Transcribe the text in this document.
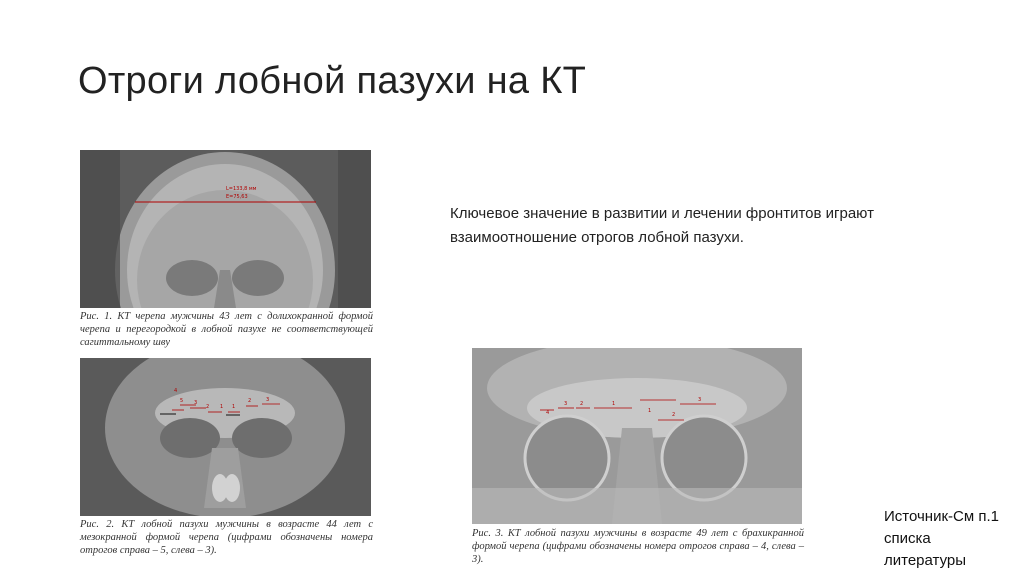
Отроги лобной пазухи на КТ
L=133,8 мм
E=75,63
Рис. 1. КТ черепа мужчины 43 лет с долихокранной формой черепа и перегородкой в лобной пазухе не соответствующей сагиттальному шву
4
5 3
2 1 1
2	3
Рис. 2. КТ лобной пазухи мужчины в возрасте 44 лет с мезокранной формой черепа (цифрами обозначены номера отрогов справа – 5, слева – 3).
4
3	2	1
1
2
3
Рис. 3. КТ лобной пазухи мужчины в возрасте 49 лет с брахикранной формой черепа (цифрами обозначены номера отрогов справа – 4, слева – 3).
Ключевое значение в развитии и лечении фронтитов играют взаимоотношение отрогов лобной пазухи.
Источник-См п.1
списка
литературы
